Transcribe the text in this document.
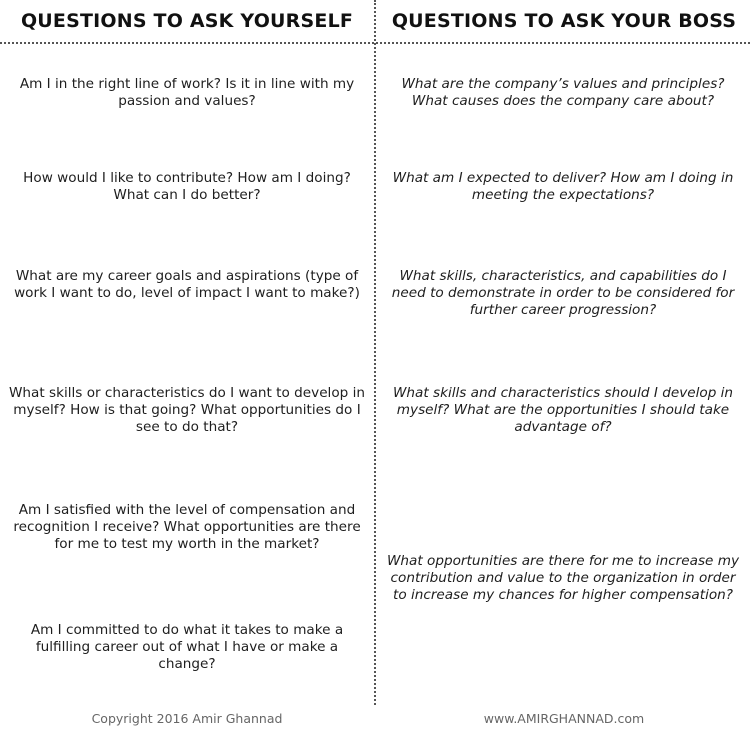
QUESTIONS TO ASK YOURSELF	QUESTIONS TO ASK YOUR BOSS
Am I in the right line of work? Is it in line with my passion and values?
How would I like to contribute? How am I doing? What can I do better?
What are my career goals and aspirations (type of work I want to do, level of impact I want to make?)
What skills or characteristics do I want to develop in myself? How is that going? What opportunities do I see to do that?
Am I satisfied with the level of compensation and recognition I receive? What opportunities are there for me to test my worth in the market?
Am I committed to do what it takes to make a fulfilling career out of what I have or make a change?
What are the company’s values and principles? What causes does the company care about?
What am I expected to deliver? How am I doing in meeting the expectations?
What skills, characteristics, and capabilities do I need to demonstrate in order to be considered for further career progression?
What skills and characteristics should I develop in myself? What are the opportunities I should take advantage of?
What opportunities are there for me to increase my contribution and value to the organization in order to increase my chances for higher compensation?
Copyright 2016 Amir Ghannad	www.AMIRGHANNAD.com
